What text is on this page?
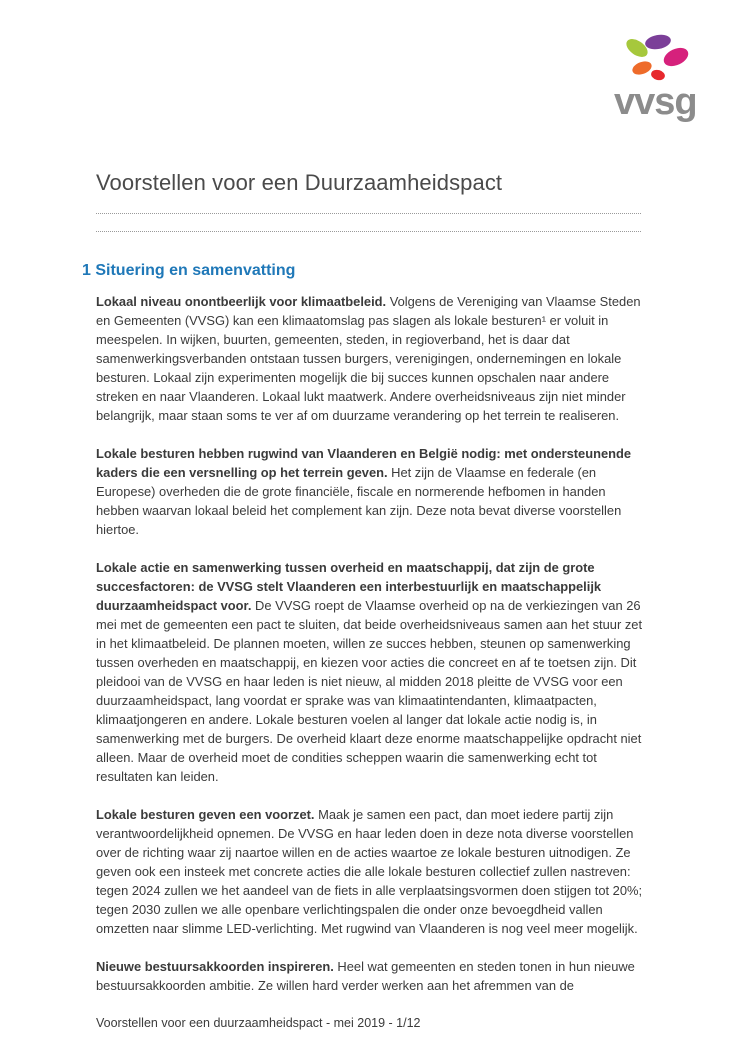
vvsg
Voorstellen voor een Duurzaamheidspact
1 Situering en samenvatting

Lokaal niveau onontbeerlijk voor klimaatbeleid. Volgens de Vereniging van Vlaamse Steden en Gemeenten (VVSG) kan een klimaatomslag pas slagen als lokale besturen¹ er voluit in meespelen. In wijken, buurten, gemeenten, steden, in regioverband, het is daar dat samenwerkingsverbanden ontstaan tussen burgers, verenigingen, ondernemingen en lokale besturen. Lokaal zijn experimenten mogelijk die bij succes kunnen opschalen naar andere streken en naar Vlaanderen. Lokaal lukt maatwerk. Andere overheidsniveaus zijn niet minder belangrijk, maar staan soms te ver af om duurzame verandering op het terrein te realiseren.

Lokale besturen hebben rugwind van Vlaanderen en België nodig: met ondersteunende kaders die een versnelling op het terrein geven. Het zijn de Vlaamse en federale (en Europese) overheden die de grote financiële, fiscale en normerende hefbomen in handen hebben waarvan lokaal beleid het complement kan zijn. Deze nota bevat diverse voorstellen hiertoe.

Lokale actie en samenwerking tussen overheid en maatschappij, dat zijn de grote succesfactoren: de VVSG stelt Vlaanderen een interbestuurlijk en maatschappelijk duurzaamheidspact voor. De VVSG roept de Vlaamse overheid op na de verkiezingen van 26 mei met de gemeenten een pact te sluiten, dat beide overheidsniveaus samen aan het stuur zet in het klimaatbeleid. De plannen moeten, willen ze succes hebben, steunen op samenwerking tussen overheden en maatschappij, en kiezen voor acties die concreet en af te toetsen zijn. Dit pleidooi van de VVSG en haar leden is niet nieuw, al midden 2018 pleitte de VVSG voor een duurzaamheidspact, lang voordat er sprake was van klimaatintendanten, klimaatpacten, klimaatjongeren en andere. Lokale besturen voelen al langer dat lokale actie nodig is, in samenwerking met de burgers. De overheid klaart deze enorme maatschappelijke opdracht niet alleen. Maar de overheid moet de condities scheppen waarin die samenwerking echt tot resultaten kan leiden.

Lokale besturen geven een voorzet. Maak je samen een pact, dan moet iedere partij zijn verantwoordelijkheid opnemen. De VVSG en haar leden doen in deze nota diverse voorstellen over de richting waar zij naartoe willen en de acties waartoe ze lokale besturen uitnodigen. Ze geven ook een insteek met concrete acties die alle lokale besturen collectief zullen nastreven: tegen 2024 zullen we het aandeel van de fiets in alle verplaatsingsvormen doen stijgen tot 20%; tegen 2030 zullen we alle openbare verlichtingspalen die onder onze bevoegdheid vallen omzetten naar slimme LED-verlichting. Met rugwind van Vlaanderen is nog veel meer mogelijk.

Nieuwe bestuursakkoorden inspireren. Heel wat gemeenten en steden tonen in hun nieuwe bestuursakkoorden ambitie. Ze willen hard verder werken aan het afremmen van de

Voorstellen voor een duurzaamheidspact - mei 2019 - 1/12
